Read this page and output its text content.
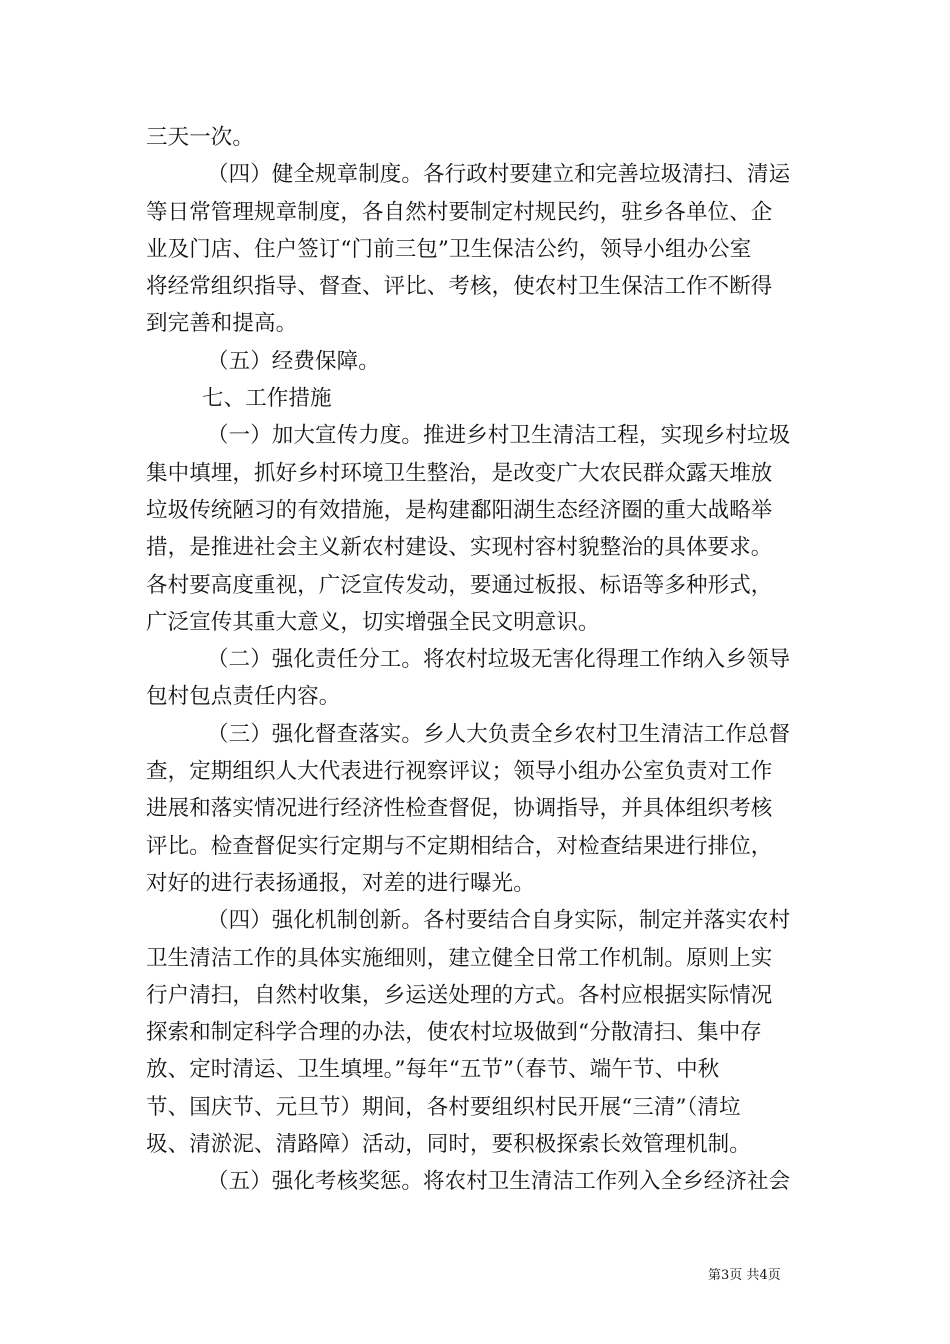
三天一次。
（四）健全规章制度。各行政村要建立和完善垃圾清扫、清运
等日常管理规章制度，各自然村要制定村规民约，驻乡各单位、企
业及门店、住户签订“门前三包”卫生保洁公约，领导小组办公室
将经常组织指导、督查、评比、考核，使农村卫生保洁工作不断得
到完善和提高。
（五）经费保障。
七、工作措施
（一）加大宣传力度。推进乡村卫生清洁工程，实现乡村垃圾
集中填埋，抓好乡村环境卫生整治，是改变广大农民群众露天堆放
垃圾传统陋习的有效措施，是构建鄱阳湖生态经济圈的重大战略举
措，是推进社会主义新农村建设、实现村容村貌整治的具体要求。
各村要高度重视，广泛宣传发动，要通过板报、标语等多种形式，
广泛宣传其重大意义，切实增强全民文明意识。
（二）强化责任分工。将农村垃圾无害化得理工作纳入乡领导
包村包点责任内容。
（三）强化督查落实。乡人大负责全乡农村卫生清洁工作总督
查，定期组织人大代表进行视察评议；领导小组办公室负责对工作
进展和落实情况进行经济性检查督促，协调指导，并具体组织考核
评比。检查督促实行定期与不定期相结合，对检查结果进行排位，
对好的进行表扬通报，对差的进行曝光。
（四）强化机制创新。各村要结合自身实际，制定并落实农村
卫生清洁工作的具体实施细则，建立健全日常工作机制。原则上实
行户清扫，自然村收集，乡运送处理的方式。各村应根据实际情况
探索和制定科学合理的办法，使农村垃圾做到“分散清扫、集中存
放、定时清运、卫生填埋。”每年“五节”（春节、端午节、中秋
节、国庆节、元旦节）期间，各村要组织村民开展“三清”（清垃
圾、清淤泥、清路障）活动，同时，要积极探索长效管理机制。
（五）强化考核奖惩。将农村卫生清洁工作列入全乡经济社会
第3页 共4页
